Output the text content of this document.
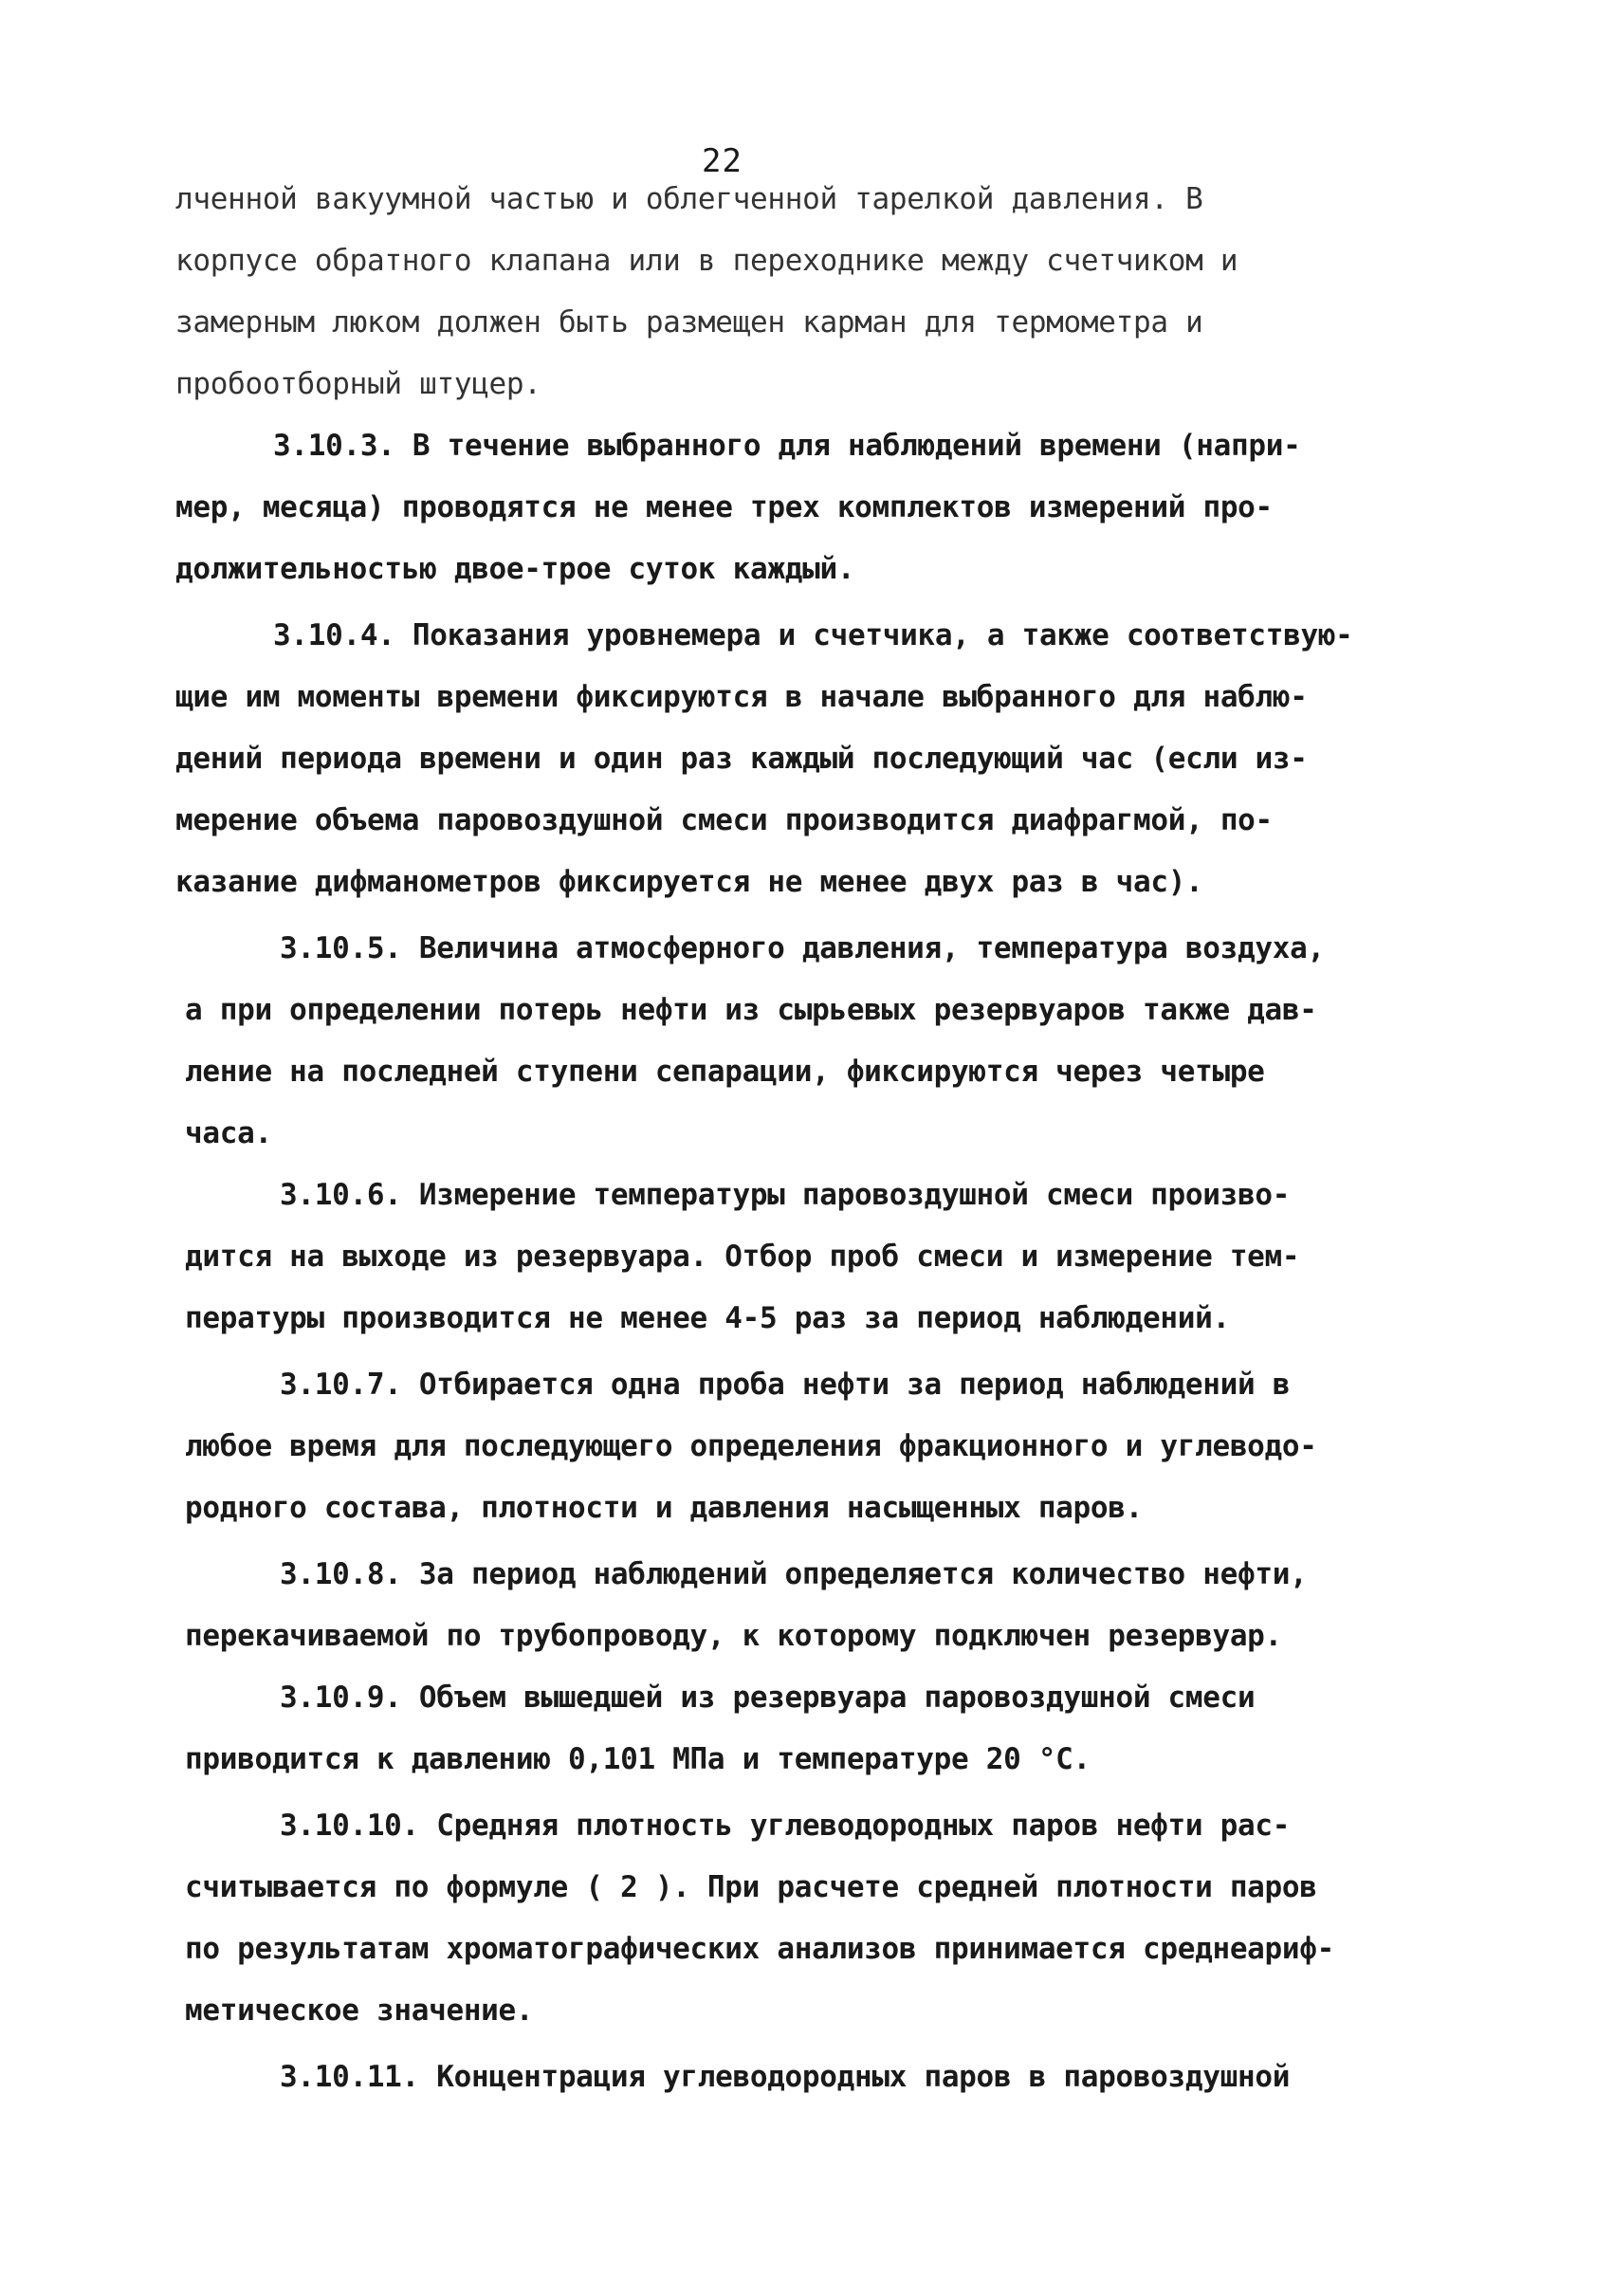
22
лченной вакуумной частью и облегченной тарелкой давления. В
корпусе обратного клапана или в переходнике между счетчиком и
замерным люком должен быть размещен карман для термометра и
пробоотборный штуцер.
3.10.3. В течение выбранного для наблюдений времени (напри-
мер, месяца) проводятся не менее трех комплектов измерений про-
должительностью двое-трое суток каждый.
3.10.4. Показания уровнемера и счетчика, а также соответствую-
щие им моменты времени фиксируются в начале выбранного для наблю-
дений периода времени и один раз каждый последующий час (если из-
мерение объема паровоздушной смеси производится диафрагмой, по-
казание дифманометров фиксируется не менее двух раз в час).
3.10.5. Величина атмосферного давления, температура воздуха,
а при определении потерь нефти из сырьевых резервуаров также дав-
ление на последней ступени сепарации, фиксируются через четыре
часа.
3.10.6. Измерение температуры паровоздушной смеси произво-
дится на выходе из резервуара. Отбор проб смеси и измерение тем-
пературы производится не менее 4-5 раз за период наблюдений.
3.10.7. Отбирается одна проба нефти за период наблюдений в
любое время для последующего определения фракционного и углеводо-
родного состава, плотности и давления насыщенных паров.
3.10.8. За период наблюдений определяется количество нефти,
перекачиваемой по трубопроводу, к которому подключен резервуар.
3.10.9. Объем вышедшей из резервуара паровоздушной смеси
приводится к давлению 0,101 МПа и температуре 20 °С.
3.10.10. Средняя плотность углеводородных паров нефти рас-
считывается по формуле ( 2 ). При расчете средней плотности паров
по результатам хроматографических анализов принимается среднеариф-
метическое значение.
3.10.11. Концентрация углеводородных паров в паровоздушной
